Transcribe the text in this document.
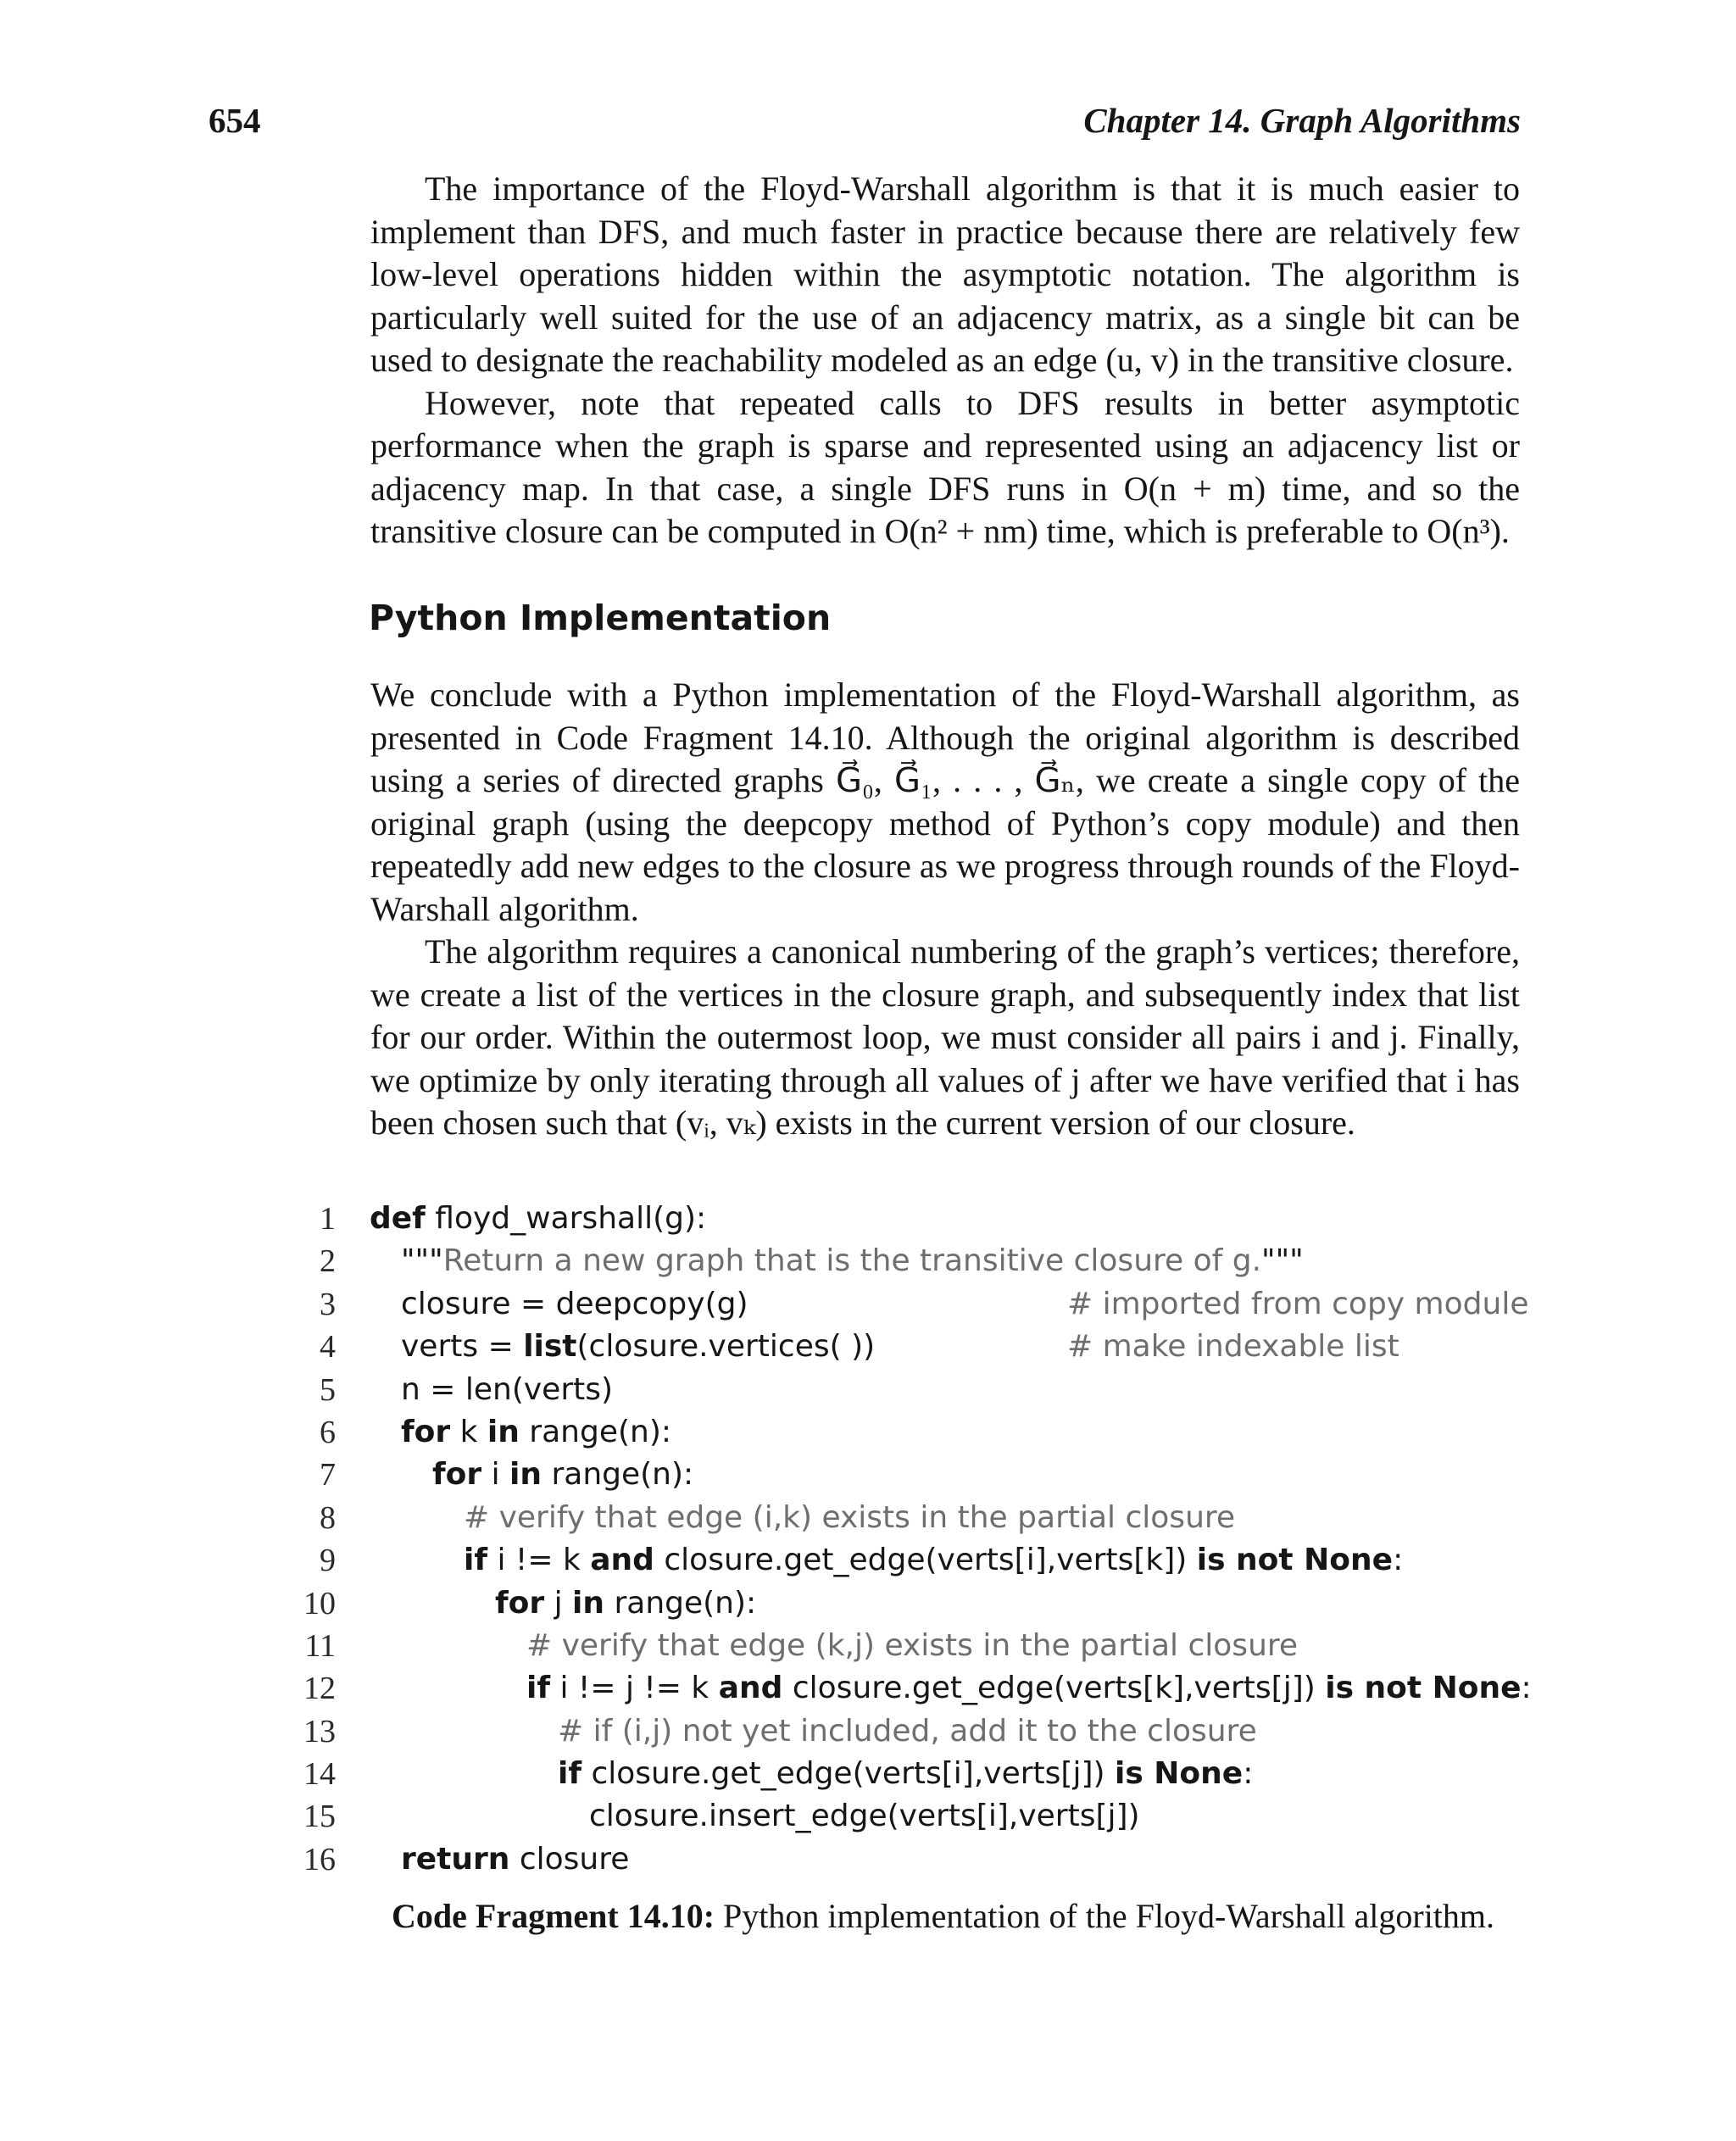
654	Chapter 14. Graph Algorithms

The importance of the Floyd-Warshall algorithm is that it is much easier to implement than DFS, and much faster in practice because there are relatively few low-level operations hidden within the asymptotic notation. The algorithm is particularly well suited for the use of an adjacency matrix, as a single bit can be used to designate the reachability modeled as an edge (u, v) in the transitive closure.

However, note that repeated calls to DFS results in better asymptotic performance when the graph is sparse and represented using an adjacency list or adjacency map. In that case, a single DFS runs in O(n + m) time, and so the transitive closure can be computed in O(n² + nm) time, which is preferable to O(n³).

Python Implementation

We conclude with a Python implementation of the Floyd-Warshall algorithm, as presented in Code Fragment 14.10. Although the original algorithm is described using a series of directed graphs G⃗₀, G⃗₁, . . . , G⃗ₙ, we create a single copy of the original graph (using the deepcopy method of Python’s copy module) and then repeatedly add new edges to the closure as we progress through rounds of the Floyd-Warshall algorithm.

The algorithm requires a canonical numbering of the graph’s vertices; therefore, we create a list of the vertices in the closure graph, and subsequently index that list for our order. Within the outermost loop, we must consider all pairs i and j. Finally, we optimize by only iterating through all values of j after we have verified that i has been chosen such that (vᵢ, vₖ) exists in the current version of our closure.

1 def floyd_warshall(g):
2 """Return a new graph that is the transitive closure of g."""
3 closure = deepcopy(g)	# imported from copy module
4 verts = list(closure.vertices( ))	# make indexable list
5 n = len(verts)
6 for k in range(n):
7	for i in range(n):
8	# verify that edge (i,k) exists in the partial closure
9	if i != k and closure.get_edge(verts[i],verts[k]) is not None:
10	for j in range(n):
11	# verify that edge (k,j) exists in the partial closure
12	if i != j != k and closure.get_edge(verts[k],verts[j]) is not None:
13	# if (i,j) not yet included, add it to the closure
14	if closure.get_edge(verts[i],verts[j]) is None:
15	closure.insert_edge(verts[i],verts[j])
16 return closure
Code Fragment 14.10: Python implementation of the Floyd-Warshall algorithm.
